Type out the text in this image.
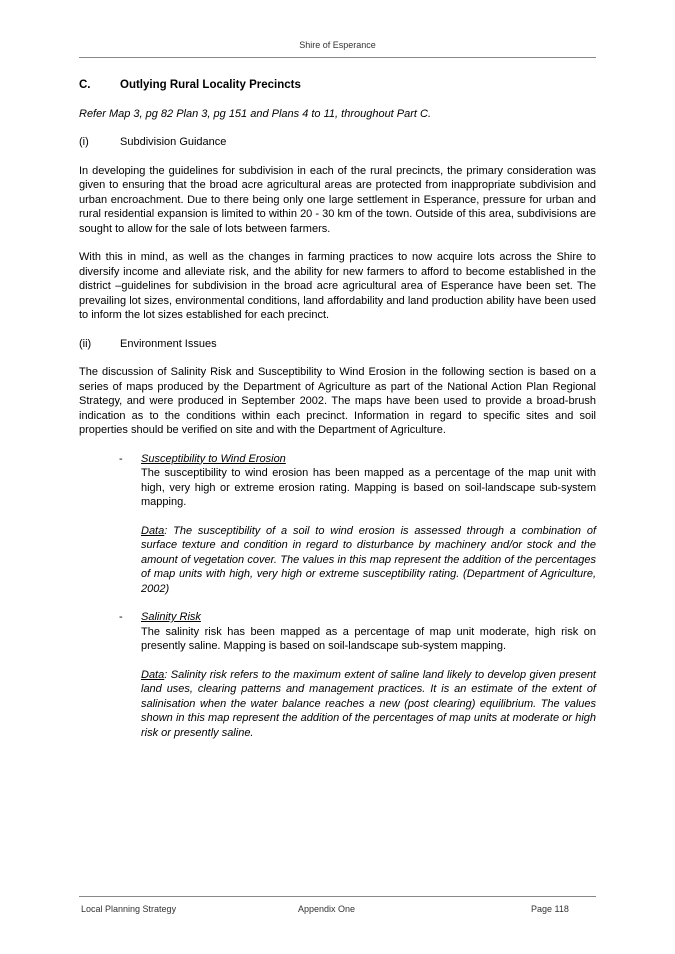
Shire of Esperance
C.	Outlying Rural Locality Precincts

Refer Map 3, pg 82 Plan 3, pg 151 and Plans 4 to 11, throughout Part C.

(i)	Subdivision Guidance

In developing the guidelines for subdivision in each of the rural precincts, the primary consideration was given to ensuring that the broad acre agricultural areas are protected from inappropriate subdivision and urban encroachment. Due to there being only one large settlement in Esperance, pressure for urban and rural residential expansion is limited to within 20 - 30 km of the town. Outside of this area, subdivisions are sought to allow for the sale of lots between farmers.

With this in mind, as well as the changes in farming practices to now acquire lots across the Shire to diversify income and alleviate risk, and the ability for new farmers to afford to become established in the district –guidelines for subdivision in the broad acre agricultural area of Esperance have been set. The prevailing lot sizes, environmental conditions, land affordability and land production ability have been used to inform the lot sizes established for each precinct.

(ii)	Environment Issues

The discussion of Salinity Risk and Susceptibility to Wind Erosion in the following section is based on a series of maps produced by the Department of Agriculture as part of the National Action Plan Regional Strategy, and were produced in September 2002. The maps have been used to provide a broad-brush indication as to the conditions within each precinct. Information in regard to specific sites and soil properties should be verified on site and with the Department of Agriculture.

- Susceptibility to Wind Erosion

The susceptibility to wind erosion has been mapped as a percentage of the map unit with high, very high or extreme erosion rating. Mapping is based on soil-landscape sub-system mapping.

Data: The susceptibility of a soil to wind erosion is assessed through a combination of surface texture and condition in regard to disturbance by machinery and/or stock and the amount of vegetation cover. The values in this map represent the addition of the percentages of map units with high, very high or extreme susceptibility rating. (Department of Agriculture, 2002)

- Salinity Risk

The salinity risk has been mapped as a percentage of map unit moderate, high risk on presently saline. Mapping is based on soil-landscape sub-system mapping.

Data: Salinity risk refers to the maximum extent of saline land likely to develop given present land uses, clearing patterns and management practices. It is an estimate of the extent of salinisation when the water balance reaches a new (post clearing) equilibrium. The values shown in this map represent the addition of the percentages of map units at moderate or high risk or presently saline.

Local Planning Strategy	Appendix One	Page 118
